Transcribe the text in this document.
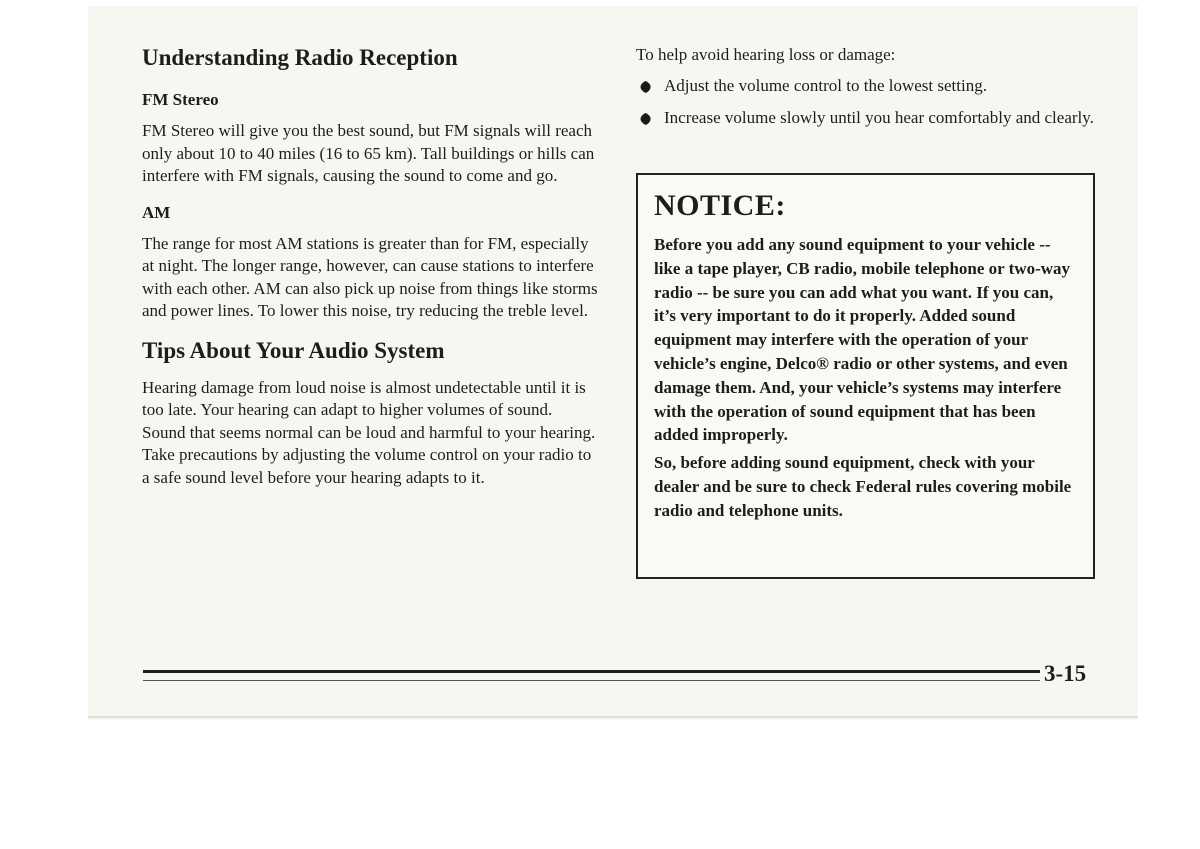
Understanding Radio Reception
FM Stereo

FM Stereo will give you the best sound, but FM signals will reach only about 10 to 40 miles (16 to 65 km). Tall buildings or hills can interfere with FM signals, causing the sound to come and go.

AM

The range for most AM stations is greater than for FM, especially at night. The longer range, however, can cause stations to interfere with each other. AM can also pick up noise from things like storms and power lines. To lower this noise, try reducing the treble level.

Tips About Your Audio System

Hearing damage from loud noise is almost undetectable until it is too late. Your hearing can adapt to higher volumes of sound. Sound that seems normal can be loud and harmful to your hearing. Take precautions by adjusting the volume control on your radio to a safe sound level before your hearing adapts to it.

To help avoid hearing loss or damage:

Adjust the volume control to the lowest setting.
Increase volume slowly until you hear comfortably and clearly.
NOTICE:

Before you add any sound equipment to your vehicle -- like a tape player, CB radio, mobile telephone or two-way radio -- be sure you can add what you want. If you can, it’s very important to do it properly. Added sound equipment may interfere with the operation of your vehicle’s engine, Delco® radio or other systems, and even damage them. And, your vehicle’s systems may interfere with the operation of sound equipment that has been added improperly.

So, before adding sound equipment, check with your dealer and be sure to check Federal rules covering mobile radio and telephone units.

3-15
